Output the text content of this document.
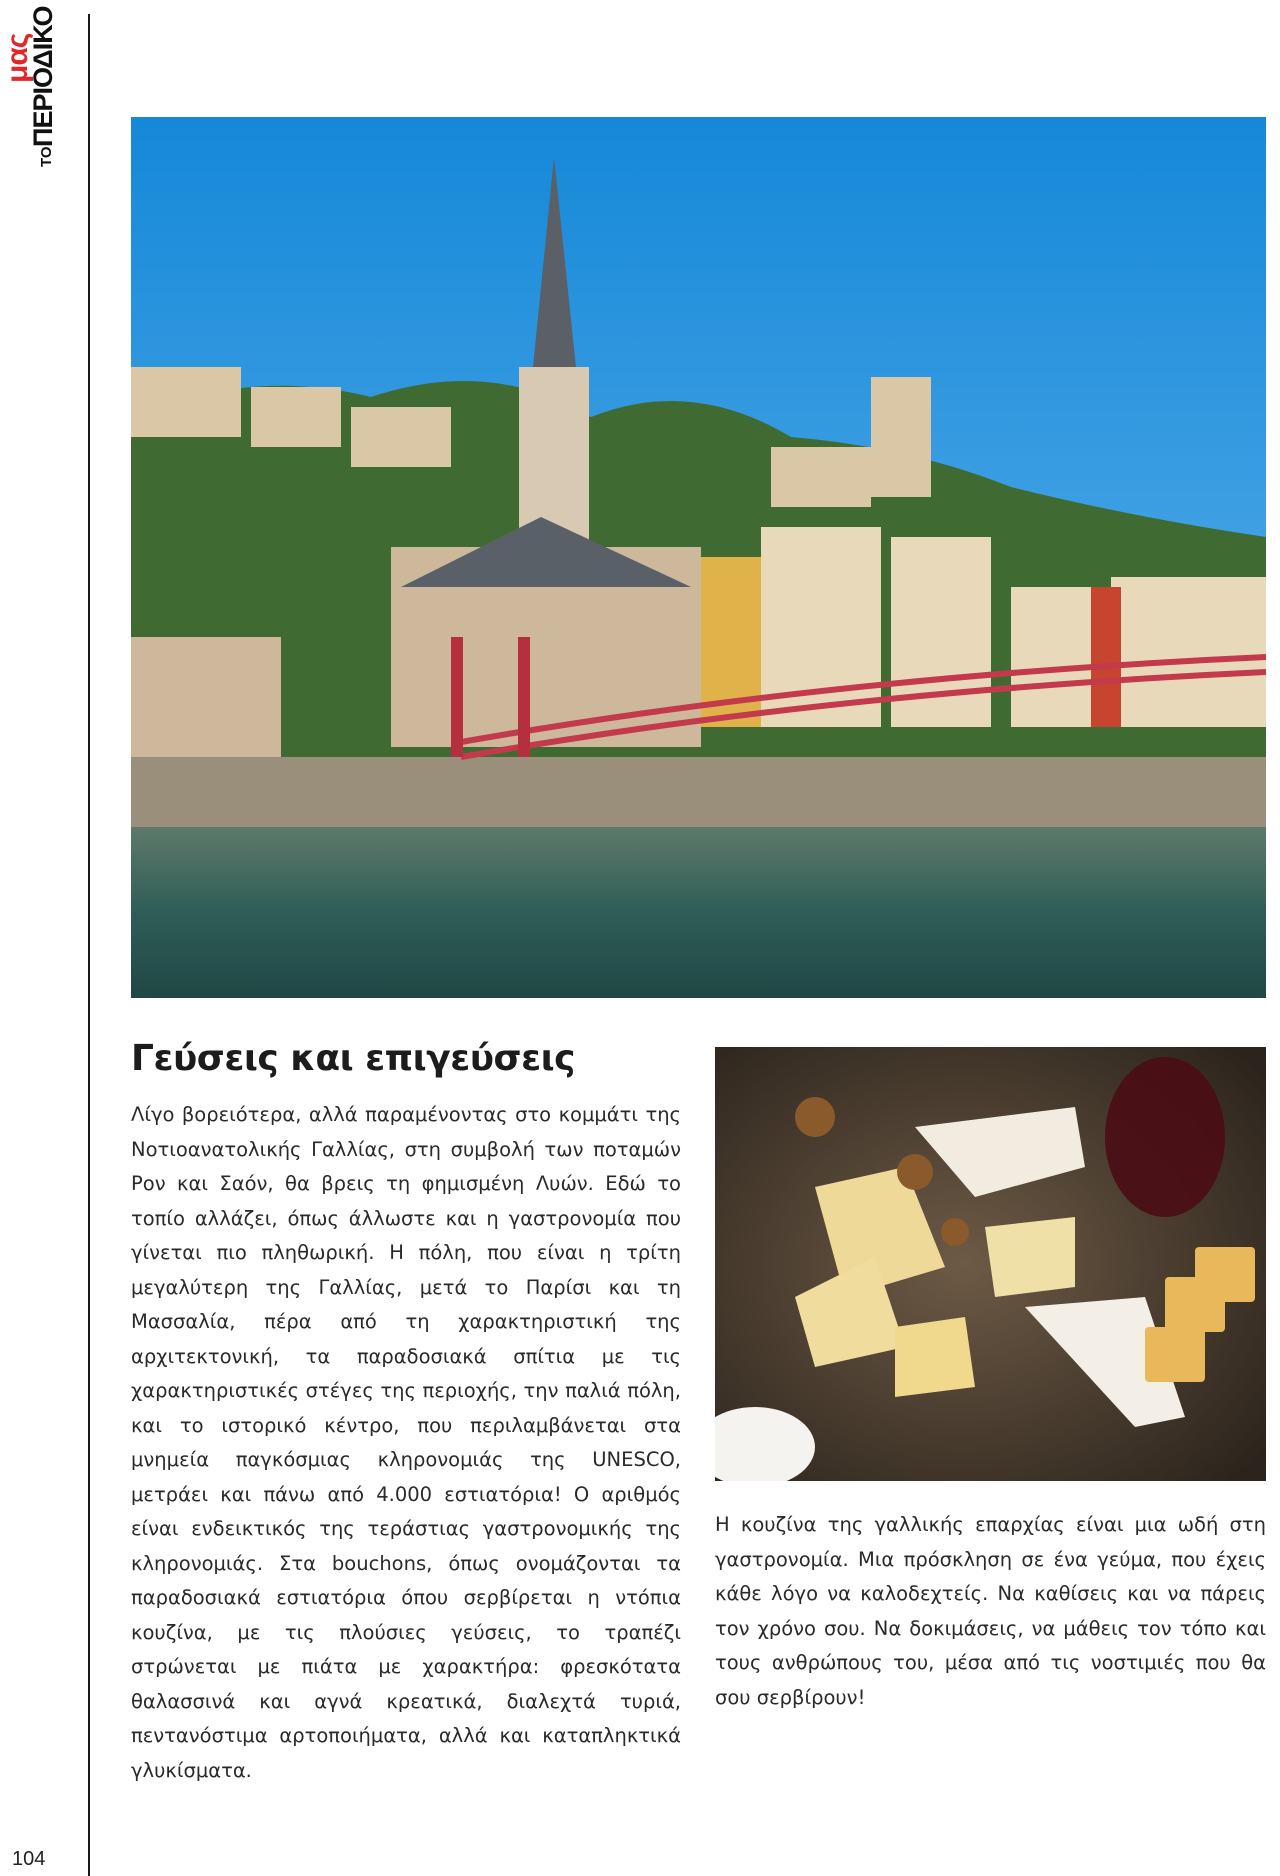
ΤΟ
ΠΕΡΙΟΔΙΚΟ
μας
Γεύσεις και επιγεύσεις

Λίγο βορειότερα, αλλά παραμένοντας στο κομμάτι της Νοτιοανατολικής Γαλλίας, στη συμβολή των ποταμών Ρον και Σαόν, θα βρεις τη φημισμένη Λυών. Εδώ το τοπίο αλλάζει, όπως άλλωστε και η γαστρονομία που γίνεται πιο πληθωρική. Η πόλη, που είναι η τρίτη μεγαλύτερη της Γαλλίας, μετά το Παρίσι και τη Μασσαλία, πέρα από τη χαρακτηριστική της αρχιτεκτονική, τα παραδοσιακά σπίτια με τις χαρακτηριστικές στέγες της περιοχής, την παλιά πόλη, και το ιστορικό κέντρο, που περιλαμβάνεται στα μνημεία παγκόσμιας κληρονομιάς της UNESCO, μετράει και πάνω από 4.000 εστιατόρια! Ο αριθμός είναι ενδεικτικός της τεράστιας γαστρονομικής της κληρονομιάς. Στα bouchons, όπως ονομάζονται τα παραδοσιακά εστιατόρια όπου σερβίρεται η ντόπια κουζίνα, με τις πλούσιες γεύσεις, το τραπέζι στρώνεται με πιάτα με χαρακτήρα: φρεσκότατα θαλασσινά και αγνά κρεατικά, διαλεχτά τυριά, πεντανόστιμα αρτοποιήματα, αλλά και καταπληκτικά γλυκίσματα.

Η κουζίνα της γαλλικής επαρχίας είναι μια ωδή στη γαστρονομία. Μια πρόσκληση σε ένα γεύμα, που έχεις κάθε λόγο να καλοδεχτείς. Να καθίσεις και να πάρεις τον χρόνο σου. Να δοκιμάσεις, να μάθεις τον τόπο και τους ανθρώπους του, μέσα από τις νοστιμιές που θα σου σερβίρουν!

104
